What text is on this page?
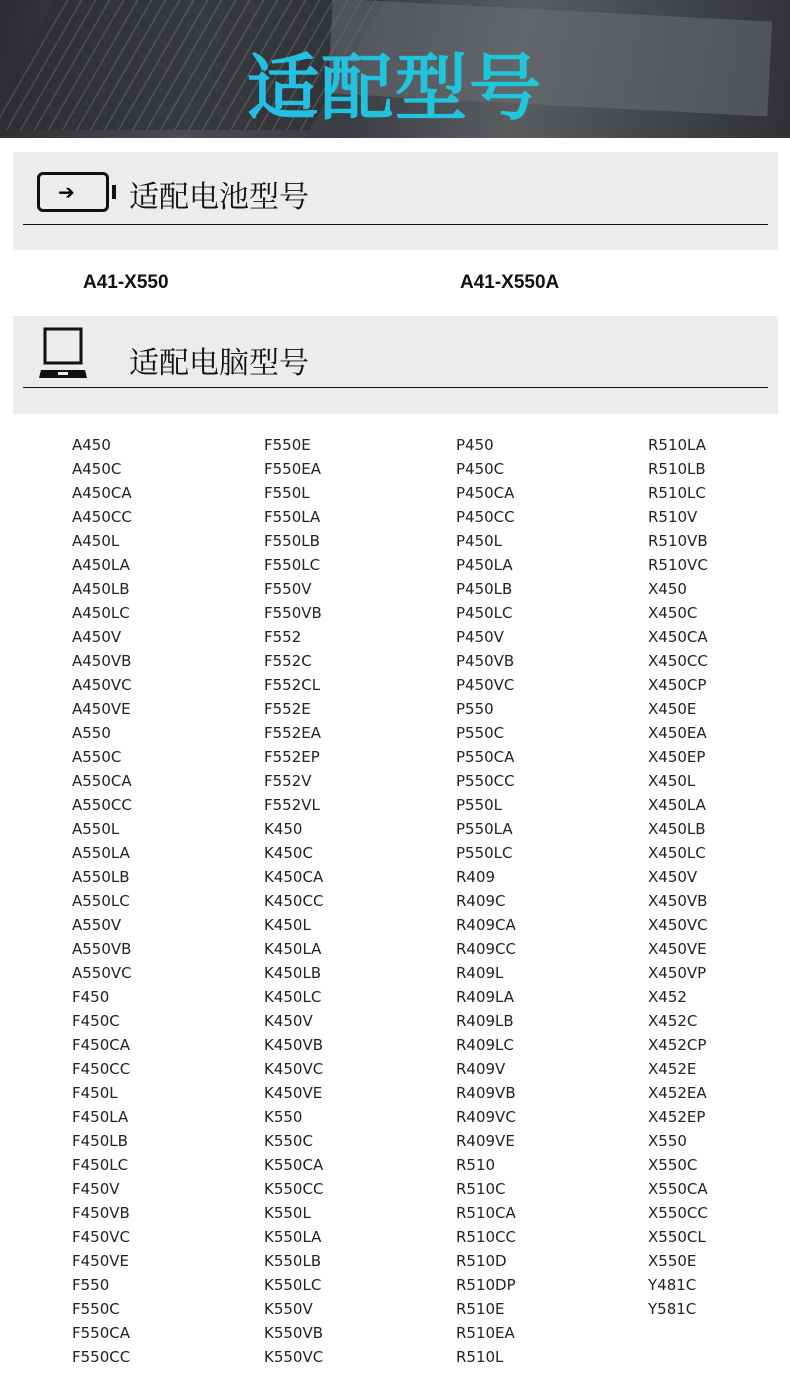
适配型号
➔ 适配电池型号
A41-X550	A41-X550A
适配电脑型号
A450
A450C
A450CA
A450CC
A450L
A450LA
A450LB
A450LC
A450V
A450VB
A450VC
A450VE
A550
A550C
A550CA
A550CC
A550L
A550LA
A550LB
A550LC
A550V
A550VB
A550VC
F450
F450C
F450CA
F450CC
F450L
F450LA
F450LB
F450LC
F450V
F450VB
F450VC
F450VE
F550
F550C
F550CA
F550CC
F550E
F550EA
F550L
F550LA
F550LB
F550LC
F550V
F550VB
F552
F552C
F552CL
F552E
F552EA
F552EP
F552V
F552VL
K450
K450C
K450CA
K450CC
K450L
K450LA
K450LB
K450LC
K450V
K450VB
K450VC
K450VE
K550
K550C
K550CA
K550CC
K550L
K550LA
K550LB
K550LC
K550V
K550VB
K550VC
P450
P450C
P450CA
P450CC
P450L
P450LA
P450LB
P450LC
P450V
P450VB
P450VC
P550
P550C
P550CA
P550CC
P550L
P550LA
P550LC
R409
R409C
R409CA
R409CC
R409L
R409LA
R409LB
R409LC
R409V
R409VB
R409VC
R409VE
R510
R510C
R510CA
R510CC
R510D
R510DP
R510E
R510EA
R510L
R510LA
R510LB
R510LC
R510V
R510VB
R510VC
X450
X450C
X450CA
X450CC
X450CP
X450E
X450EA
X450EP
X450L
X450LA
X450LB
X450LC
X450V
X450VB
X450VC
X450VE
X450VP
X452
X452C
X452CP
X452E
X452EA
X452EP
X550
X550C
X550CA
X550CC
X550CL
X550E
Y481C
Y581C
